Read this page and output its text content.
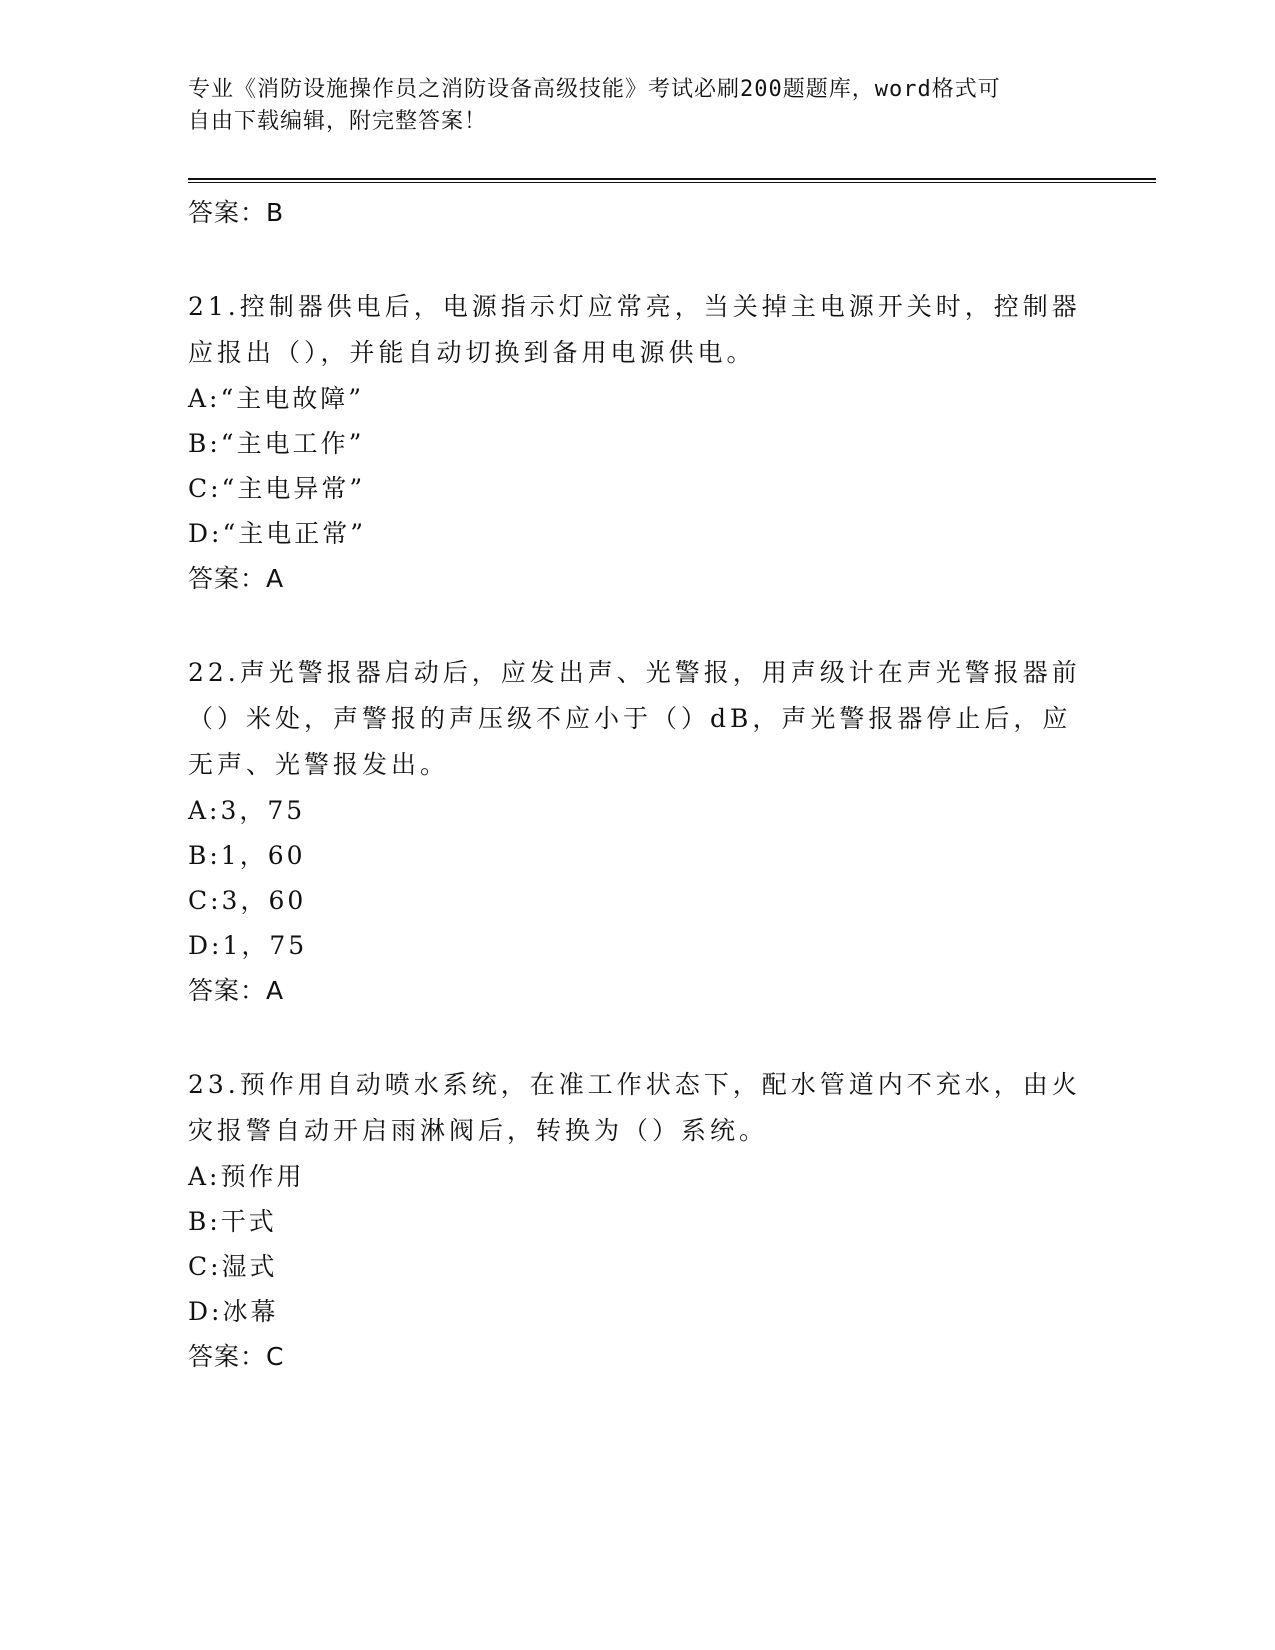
专业《消防设施操作员之消防设备高级技能》考试必刷200题题库，word格式可
自由下载编辑，附完整答案！
答案：B
21.控制器供电后，电源指示灯应常亮，当关掉主电源开关时，控制器
应报出（），并能自动切换到备用电源供电。
A:“主电故障”
B:“主电工作”
C:“主电异常”
D:“主电正常”
答案：A
22.声光警报器启动后，应发出声、光警报，用声级计在声光警报器前
（）米处，声警报的声压级不应小于（）dB，声光警报器停止后，应
无声、光警报发出。
A:3，75
B:1，60
C:3，60
D:1，75
答案：A
23.预作用自动喷水系统，在准工作状态下，配水管道内不充水，由火
灾报警自动开启雨淋阀后，转换为（）系统。
A:预作用
B:干式
C:湿式
D:冰幕
答案：C
